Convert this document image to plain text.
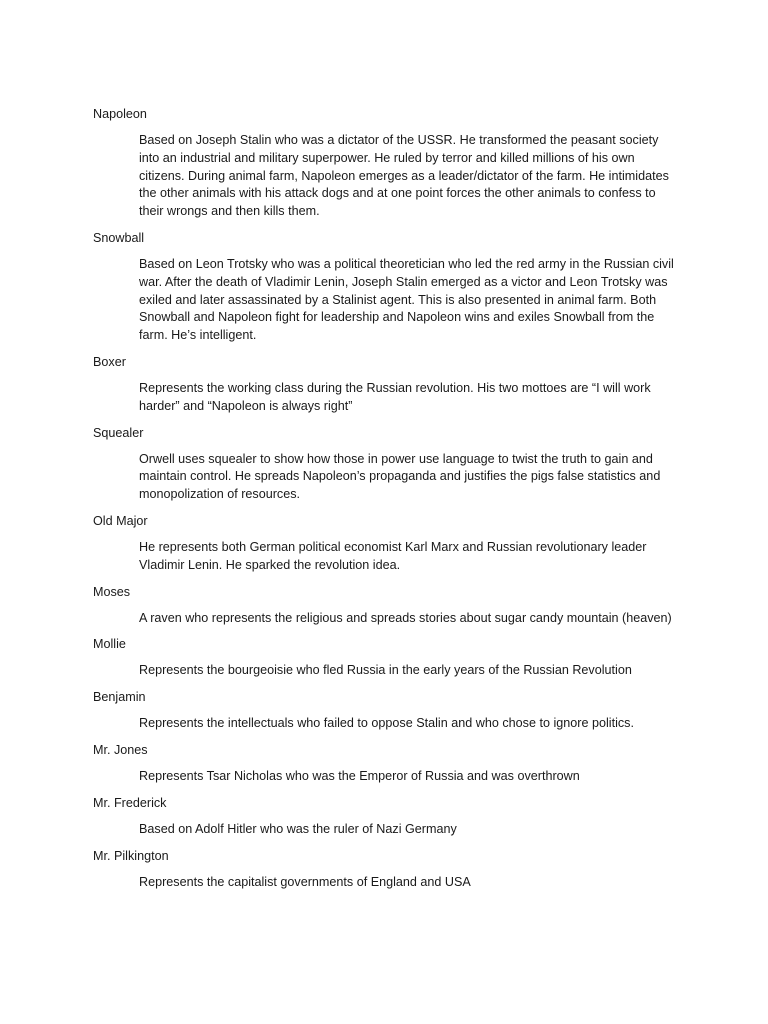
Napoleon

Based on Joseph Stalin who was a dictator of the USSR. He transformed the peasant society into an industrial and military superpower. He ruled by terror and killed millions of his own citizens. During animal farm, Napoleon emerges as a leader/dictator of the farm. He intimidates the other animals with his attack dogs and at one point forces the other animals to confess to their wrongs and then kills them.

Snowball

Based on Leon Trotsky who was a political theoretician who led the red army in the Russian civil war. After the death of Vladimir Lenin, Joseph Stalin emerged as a victor and Leon Trotsky was exiled and later assassinated by a Stalinist agent. This is also presented in animal farm. Both Snowball and Napoleon fight for leadership and Napoleon wins and exiles Snowball from the farm. He’s intelligent.

Boxer

Represents the working class during the Russian revolution. His two mottoes are “I will work harder” and “Napoleon is always right”

Squealer

Orwell uses squealer to show how those in power use language to twist the truth to gain and maintain control. He spreads Napoleon’s propaganda and justifies the pigs false statistics and monopolization of resources.

Old Major

He represents both German political economist Karl Marx and Russian revolutionary leader Vladimir Lenin. He sparked the revolution idea.

Moses

A raven who represents the religious and spreads stories about sugar candy mountain (heaven)

Mollie

Represents the bourgeoisie who fled Russia in the early years of the Russian Revolution

Benjamin

Represents the intellectuals who failed to oppose Stalin and who chose to ignore politics.

Mr. Jones

Represents Tsar Nicholas who was the Emperor of Russia and was overthrown

Mr. Frederick

Based on Adolf Hitler who was the ruler of Nazi Germany

Mr. Pilkington

Represents the capitalist governments of England and USA
